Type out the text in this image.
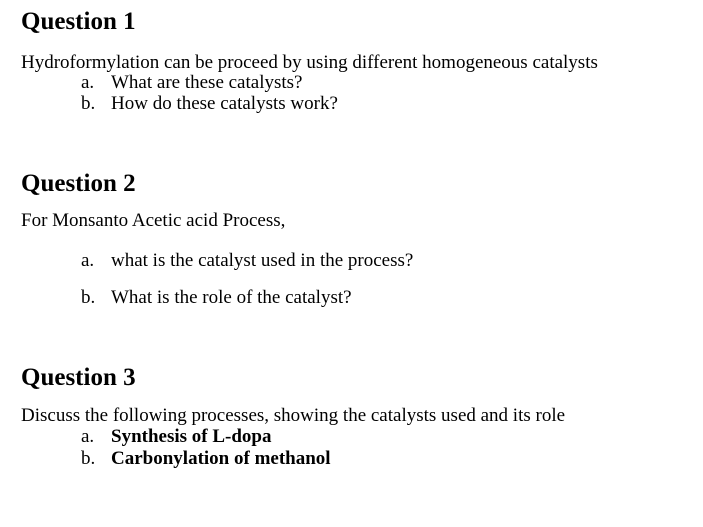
Question 1
Hydroformylation can be proceed by using different homogeneous catalysts
a. What are these catalysts?
b. How do these catalysts work?
Question 2
For Monsanto Acetic acid Process,
a. what is the catalyst used in the process?
b. What is the role of the catalyst?
Question 3
Discuss the following processes, showing the catalysts used and its role
a. Synthesis of L-dopa
b. Carbonylation of methanol
